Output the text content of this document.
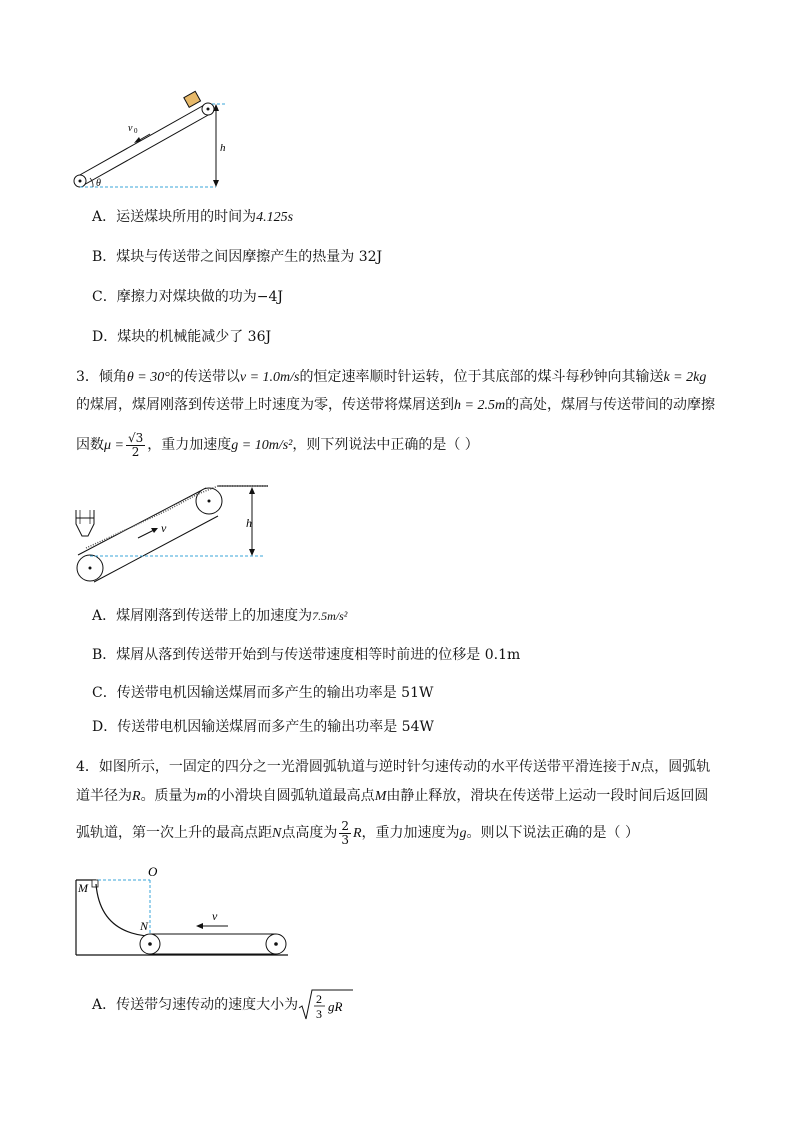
h
v 0
θ
A．运送煤块所用的时间为4.125s
B．煤块与传送带之间因摩擦产生的热量为 32J
C．摩擦力对煤块做的功为−4J
D．煤块的机械能减少了 36J
3．倾角θ = 30°的传送带以v = 1.0m/s的恒定速率顺时针运转，位于其底部的煤斗每秒钟向其输送k = 2kg
的煤屑，煤屑刚落到传送带上时速度为零，传送带将煤屑送到h = 2.5m的高处，煤屑与传送带间的动摩擦
因数$\mu = \frac{√3}{2}$ ，重力加速度g = 10m/s²，则下列说法中正确的是（ ）
h
v
A．煤屑刚落到传送带上的加速度为7.5m/s²
B．煤屑从落到传送带开始到与传送带速度相等时前进的位移是 0.1m
C．传送带电机因输送煤屑而多产生的输出功率是 51W
D．传送带电机因输送煤屑而多产生的输出功率是 54W
4．如图所示，一固定的四分之一光滑圆弧轨道与逆时针匀速传动的水平传送带平滑连接于N点，圆弧轨
道半径为R。质量为m的小滑块自圆弧轨道最高点M由静止释放，滑块在传送带上运动一段时间后返回圆
弧轨道，第一次上升的最高点距N点高度为 $\frac{2}{3}$ R，重力加速度为g。则以下说法正确的是（ ）
O
M
N
v
A．传送带匀速传动的速度大小为 2
3 gR
